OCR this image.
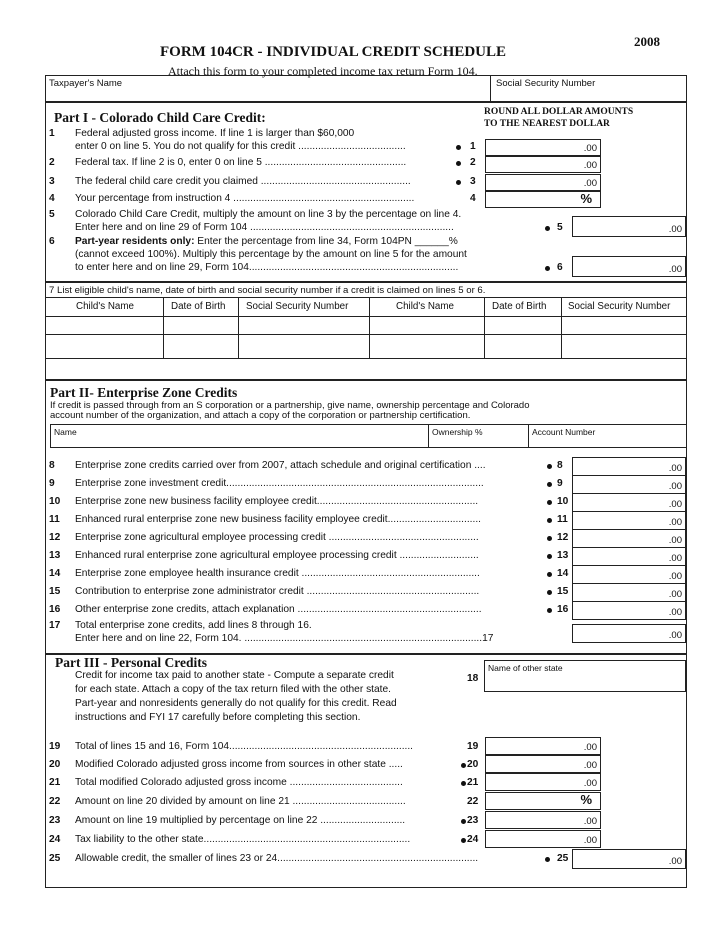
2008
FORM 104CR - INDIVIDUAL CREDIT SCHEDULE
Attach this form to your completed income tax return Form 104.
Taxpayer's Name	Social Security Number
Part I - Colorado Child Care Credit:	ROUND ALL DOLLAR AMOUNTS
TO THE NEAREST DOLLAR
1 Federal adjusted gross income. If line 1 is larger than $60,000
enter 0 on line 5. You do not qualify for this credit ......................................	1	.00
2 Federal tax. If line 2 is 0, enter 0 on line 5 ..................................................	2	.00
3 The federal child care credit you claimed .....................................................	3	.00
4 Your percentage from instruction 4 ................................................................	4	%
5 Colorado Child Care Credit, multiply the amount on line 3 by the percentage on line 4.
Enter here and on line 29 of Form 104 ........................................................................	5	.00
6 Part-year residents only: Enter the percentage from line 34, Form 104PN ______%
(cannot exceed 100%). Multiply this percentage by the amount on line 5 for the amount
to enter here and on line 29, Form 104..........................................................................	6	.00
7 List eligible child's name, date of birth and social security number if a credit is claimed on lines 5 or 6.
Child's Name	Date of Birth Social Security Number	Child's Name	Date of Birth Social Security Number
Part II- Enterprise Zone Credits
If credit is passed through from an S corporation or a partnership, give name, ownership percentage and Colorado
account number of the organization, and attach a copy of the corporation or partnership certification.
Name	Ownership %	Account Number
8 Enterprise zone credits carried over from 2007, attach schedule and original certification ....	8	.00
9 Enterprise zone investment credit...........................................................................................	9	.00
10 Enterprise zone new business facility employee credit.........................................................	10	.00
11 Enhanced rural enterprise zone new business facility employee credit.................................	11	.00
12 Enterprise zone agricultural employee processing credit .....................................................	12	.00
13 Enhanced rural enterprise zone agricultural employee processing credit ............................	13	.00
14 Enterprise zone employee health insurance credit ...............................................................	14	.00
15 Contribution to enterprise zone administrator credit .............................................................	15	.00
16 Other enterprise zone credits, attach explanation .................................................................	16	.00
17 Total enterprise zone credits, add lines 8 through 16.
Enter here and on line 22, Form 104. ....................................................................................17	.00
Part III - Personal Credits
Credit for income tax paid to another state - Compute a separate credit
for each state. Attach a copy of the tax return filed with the other state.
Part-year and nonresidents generally do not qualify for this credit. Read
instructions and FYI 17 carefully before completing this section.
18
Name of other state
19 Total of lines 15 and 16, Form 104.................................................................	19	.00
20 Modified Colorado adjusted gross income from sources in other state .....	20	.00
21 Total modified Colorado adjusted gross income ........................................	21	.00
22 Amount on line 20 divided by amount on line 21 ........................................	22	%
23 Amount on line 19 multiplied by percentage on line 22 ..............................	23	.00
24 Tax liability to the other state.........................................................................	24	.00
25 Allowable credit, the smaller of lines 23 or 24.......................................................................	25	.00
